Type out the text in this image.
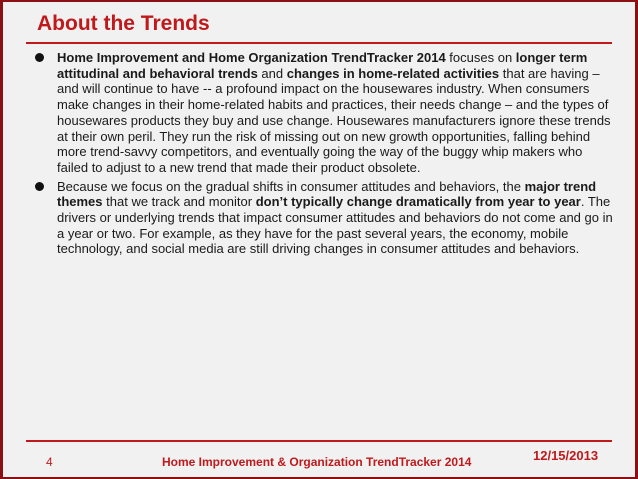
About the Trends
Home Improvement and Home Organization TrendTracker 2014 focuses on longer term attitudinal and behavioral trends and changes in home-related activities that are having – and will continue to have -- a profound impact on the housewares industry. When consumers make changes in their home-related habits and practices, their needs change – and the types of housewares products they buy and use change. Housewares manufacturers ignore these trends at their own peril. They run the risk of missing out on new growth opportunities, falling behind more trend-savvy competitors, and eventually going the way of the buggy whip makers who failed to adjust to a new trend that made their product obsolete.
Because we focus on the gradual shifts in consumer attitudes and behaviors, the major trend themes that we track and monitor don’t typically change dramatically from year to year. The drivers or underlying trends that impact consumer attitudes and behaviors do not come and go in a year or two. For example, as they have for the past several years, the economy, mobile technology, and social media are still driving changes in consumer attitudes and behaviors.
4	Home Improvement & Organization TrendTracker 2014	12/15/2013
